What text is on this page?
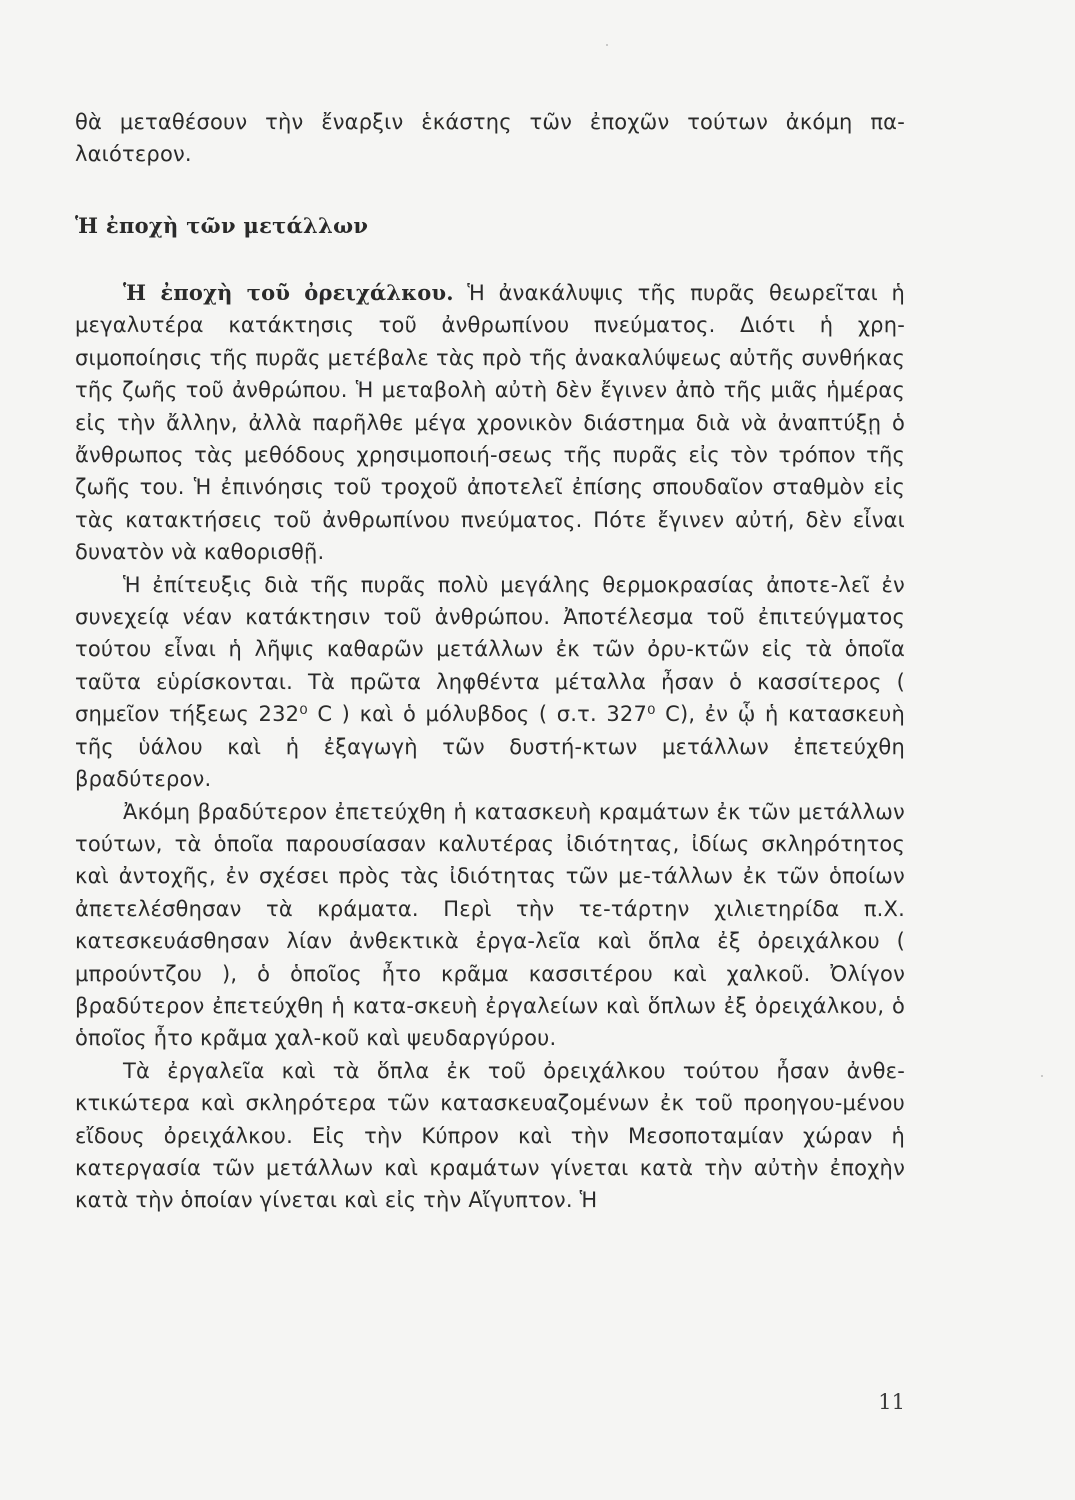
θὰ μεταθέσουν τὴν ἔναρξιν ἑκάστης τῶν ἐποχῶν τούτων ἀκόμη πα-λαιότερον.
Ἡ ἐποχὴ τῶν μετάλλων

Ἡ ἐποχὴ τοῦ ὀρειχάλκου. Ἡ ἀνακάλυψις τῆς πυρᾶς θεωρεῖται ἡ μεγαλυτέρα κατάκτησις τοῦ ἀνθρωπίνου πνεύματος. Διότι ἡ χρη-σιμοποίησις τῆς πυρᾶς μετέβαλε τὰς πρὸ τῆς ἀνακαλύψεως αὐτῆς συνθήκας τῆς ζωῆς τοῦ ἀνθρώπου. Ἡ μεταβολὴ αὐτὴ δὲν ἔγινεν ἀπὸ τῆς μιᾶς ἡμέρας εἰς τὴν ἄλλην, ἀλλὰ παρῆλθε μέγα χρονικὸν διάστημα διὰ νὰ ἀναπτύξῃ ὁ ἄνθρωπος τὰς μεθόδους χρησιμοποιή-σεως τῆς πυρᾶς εἰς τὸν τρόπον τῆς ζωῆς του. Ἡ ἐπινόησις τοῦ τροχοῦ ἀποτελεῖ ἐπίσης σπουδαῖον σταθμὸν εἰς τὰς κατακτήσεις τοῦ ἀνθρωπίνου πνεύματος. Πότε ἔγινεν αὐτή, δὲν εἶναι δυνατὸν νὰ καθορισθῇ.

Ἡ ἐπίτευξις διὰ τῆς πυρᾶς πολὺ μεγάλης θερμοκρασίας ἀποτε-λεῖ ἐν συνεχείᾳ νέαν κατάκτησιν τοῦ ἀνθρώπου. Ἀποτέλεσμα τοῦ ἐπιτεύγματος τούτου εἶναι ἡ λῆψις καθαρῶν μετάλλων ἐκ τῶν ὀρυ-κτῶν εἰς τὰ ὁποῖα ταῦτα εὑρίσκονται. Τὰ πρῶτα ληφθέντα μέταλλα ἦσαν ὁ κασσίτερος ( σημεῖον τήξεως 232⁰ C ) καὶ ὁ μόλυβδος ( σ.τ. 327⁰ C), ἐν ᾧ ἡ κατασκευὴ τῆς ὑάλου καὶ ἡ ἐξαγωγὴ τῶν δυστή-κτων μετάλλων ἐπετεύχθη βραδύτερον.

Ἀκόμη βραδύτερον ἐπετεύχθη ἡ κατασκευὴ κραμάτων ἐκ τῶν μετάλλων τούτων, τὰ ὁποῖα παρουσίασαν καλυτέρας ἰδιότητας, ἰδίως σκληρότητος καὶ ἀντοχῆς, ἐν σχέσει πρὸς τὰς ἰδιότητας τῶν με-τάλλων ἐκ τῶν ὁποίων ἀπετελέσθησαν τὰ κράματα. Περὶ τὴν τε-τάρτην χιλιετηρίδα π.Χ. κατεσκευάσθησαν λίαν ἀνθεκτικὰ ἐργα-λεῖα καὶ ὅπλα ἐξ ὀρειχάλκου ( μπρούντζου ), ὁ ὁποῖος ἦτο κρᾶμα κασσιτέρου καὶ χαλκοῦ. Ὀλίγον βραδύτερον ἐπετεύχθη ἡ κατα-σκευὴ ἐργαλείων καὶ ὅπλων ἐξ ὀρειχάλκου, ὁ ὁποῖος ἦτο κρᾶμα χαλ-κοῦ καὶ ψευδαργύρου.

Τὰ ἐργαλεῖα καὶ τὰ ὅπλα ἐκ τοῦ ὀρειχάλκου τούτου ἦσαν ἀνθε-κτικώτερα καὶ σκληρότερα τῶν κατασκευαζομένων ἐκ τοῦ προηγου-μένου εἴδους ὀρειχάλκου. Εἰς τὴν Κύπρον καὶ τὴν Μεσοποταμίαν χώραν ἡ κατεργασία τῶν μετάλλων καὶ κραμάτων γίνεται κατὰ τὴν αὐτὴν ἐποχὴν κατὰ τὴν ὁποίαν γίνεται καὶ εἰς τὴν Αἴγυπτον. Ἡ

11
